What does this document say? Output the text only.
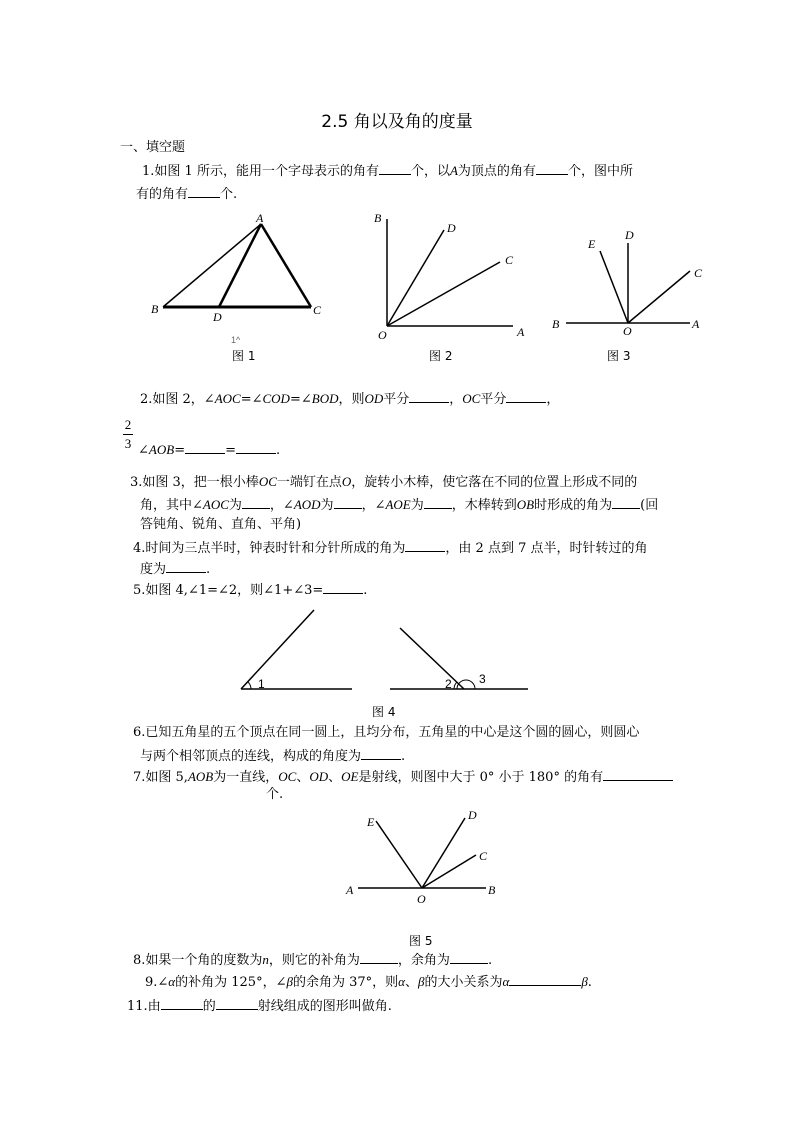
2.5 角以及角的度量
一、填空题
1.如图 1 所示，能用一个字母表示的角有 个，以A为顶点的角有 个，图中所
有的角有 个.
A
B	C
D
1^
B
D
C
O	A
E
D
C
B	O	A
1	2 3
E	D
C
A
O
B
图 1	图 2	图 3
2.如图 2，∠AOC=∠COD=∠BOD，则OD平分	，OC平分	，
2
3 ∠AOB=	=	.
3.如图 3，把一根小棒OC一端钉在点O，旋转小木棒，使它落在不同的位置上形成不同的
角，其中∠AOC为 ，∠AOD为 ，∠AOE为 ，木棒转到OB时形成的角为 (回
答钝角、锐角、直角、平角)
4.时间为三点半时，钟表时针和分针所成的角为	，由 2 点到 7 点半，时针转过的角
度为	.
5.如图 4,∠1=∠2，则∠1+∠3=	.
图 4
6.已知五角星的五个顶点在同一圆上，且均分布，五角星的中心是这个圆的圆心，则圆心
与两个相邻顶点的连线，构成的角度为	.
7.如图 5,AOB为一直线，OC、OD、OE是射线，则图中大于 0° 小于 180° 的角有
个.
图 5
8.如果一个角的度数为n，则它的补角为	，余角为	.
9.∠α的补角为 125°，∠β的余角为 37°，则α、β的大小关系为α	β.
11.由	的	射线组成的图形叫做角.
